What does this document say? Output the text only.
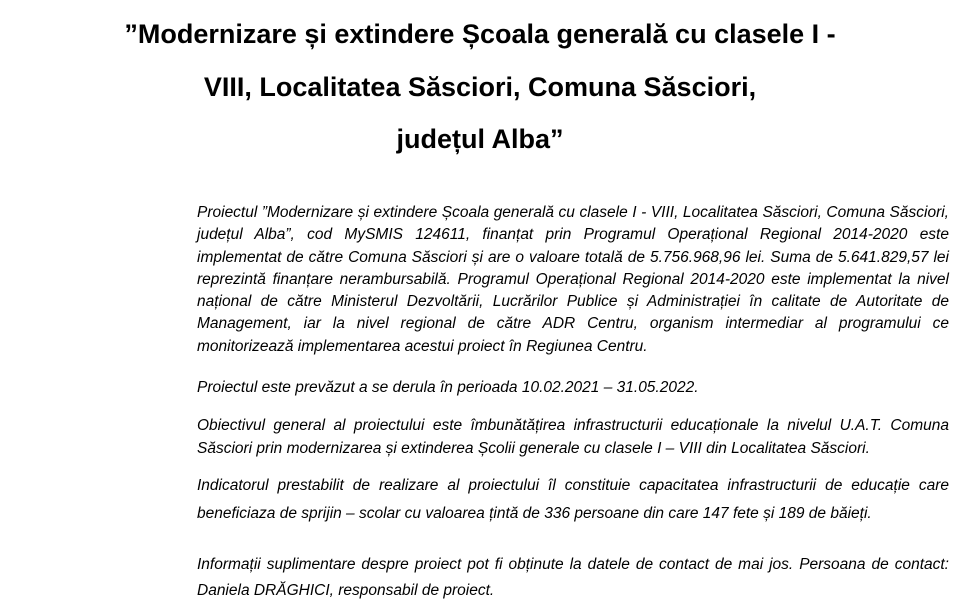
”Modernizare și extindere Școala generală cu clasele I -
VIII, Localitatea Săsciori, Comuna Săsciori,
județul Alba”
Proiectul ”Modernizare și extindere Școala generală cu clasele I - VIII, Localitatea Săsciori, Comuna Săsciori,
județul Alba”, cod MySMIS 124611, finanțat prin Programul Operațional Regional 2014-2020 este
implementat de către Comuna Săsciori și are o valoare totală de 5.756.968,96 lei. Suma de 5.641.829,57 lei
reprezintă finanțare nerambursabilă. Programul Operațional Regional 2014-2020 este implementat la nivel
național de către Ministerul Dezvoltării, Lucrărilor Publice și Administrației în calitate de Autoritate de
Management, iar la nivel regional de către ADR Centru, organism intermediar al programului ce
monitorizează implementarea acestui proiect în Regiunea Centru.
Proiectul este prevăzut a se derula în perioada 10.02.2021 – 31.05.2022.
Obiectivul general al proiectului este îmbunătățirea infrastructurii educaționale la nivelul U.A.T. Comuna
Săsciori prin modernizarea și extinderea Școlii generale cu clasele I – VIII din Localitatea Săsciori.
Indicatorul prestabilit de realizare al proiectului îl constituie capacitatea infrastructurii de educație care
beneficiaza de sprijin – scolar cu valoarea țintă de 336 persoane din care 147 fete și 189 de băieți.
Informații suplimentare despre proiect pot fi obținute la datele de contact de mai jos. Persoana de contact:
Daniela DRĂGHICI, responsabil de proiect.
